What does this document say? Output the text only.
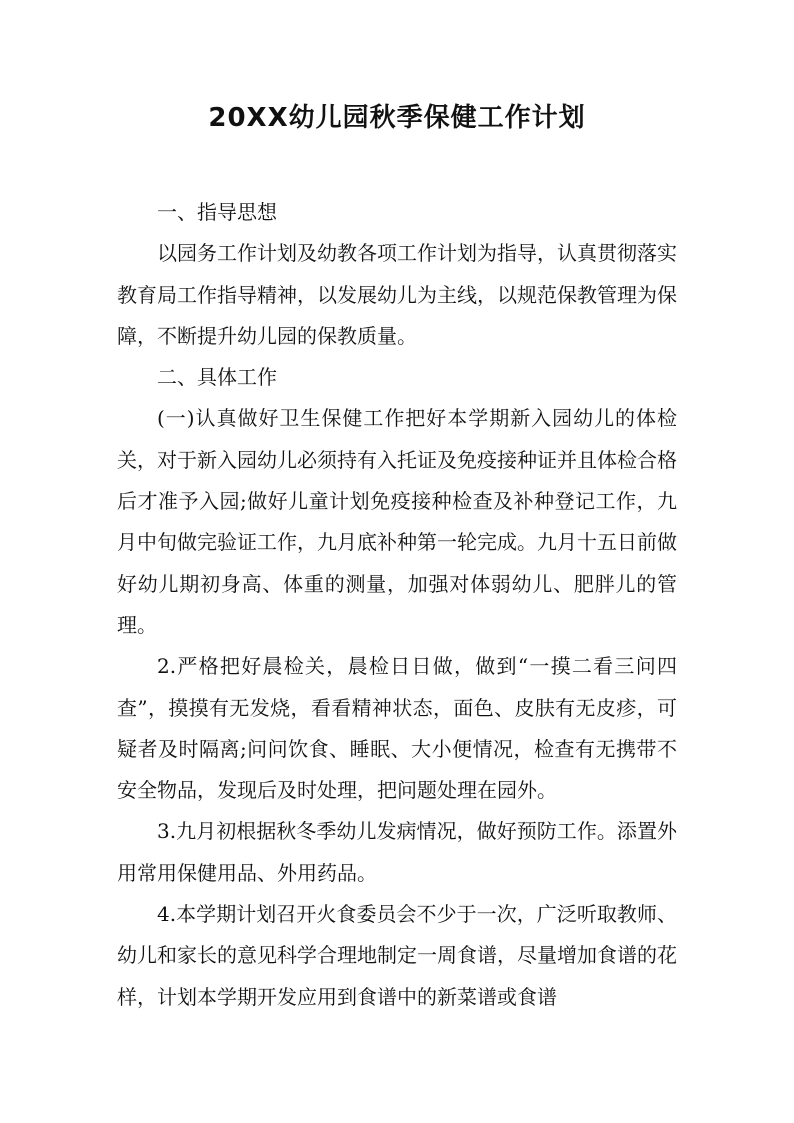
20XX幼儿园秋季保健工作计划

一、指导思想

以园务工作计划及幼教各项工作计划为指导，认真贯彻落实教育局工作指导精神，以发展幼儿为主线，以规范保教管理为保障，不断提升幼儿园的保教质量。

二、具体工作

(一)认真做好卫生保健工作把好本学期新入园幼儿的体检关，对于新入园幼儿必须持有入托证及免疫接种证并且体检合格后才准予入园;做好儿童计划免疫接种检查及补种登记工作，九月中旬做完验证工作，九月底补种第一轮完成。九月十五日前做好幼儿期初身高、体重的测量，加强对体弱幼儿、肥胖儿的管理。

2.严格把好晨检关，晨检日日做，做到“一摸二看三问四查”，摸摸有无发烧，看看精神状态，面色、皮肤有无皮疹，可疑者及时隔离;问问饮食、睡眠、大小便情况，检查有无携带不安全物品，发现后及时处理，把问题处理在园外。

3.九月初根据秋冬季幼儿发病情况，做好预防工作。添置外用常用保健用品、外用药品。

4.本学期计划召开火食委员会不少于一次，广泛听取教师、幼儿和家长的意见科学合理地制定一周食谱，尽量增加食谱的花样，计划本学期开发应用到食谱中的新菜谱或食谱
